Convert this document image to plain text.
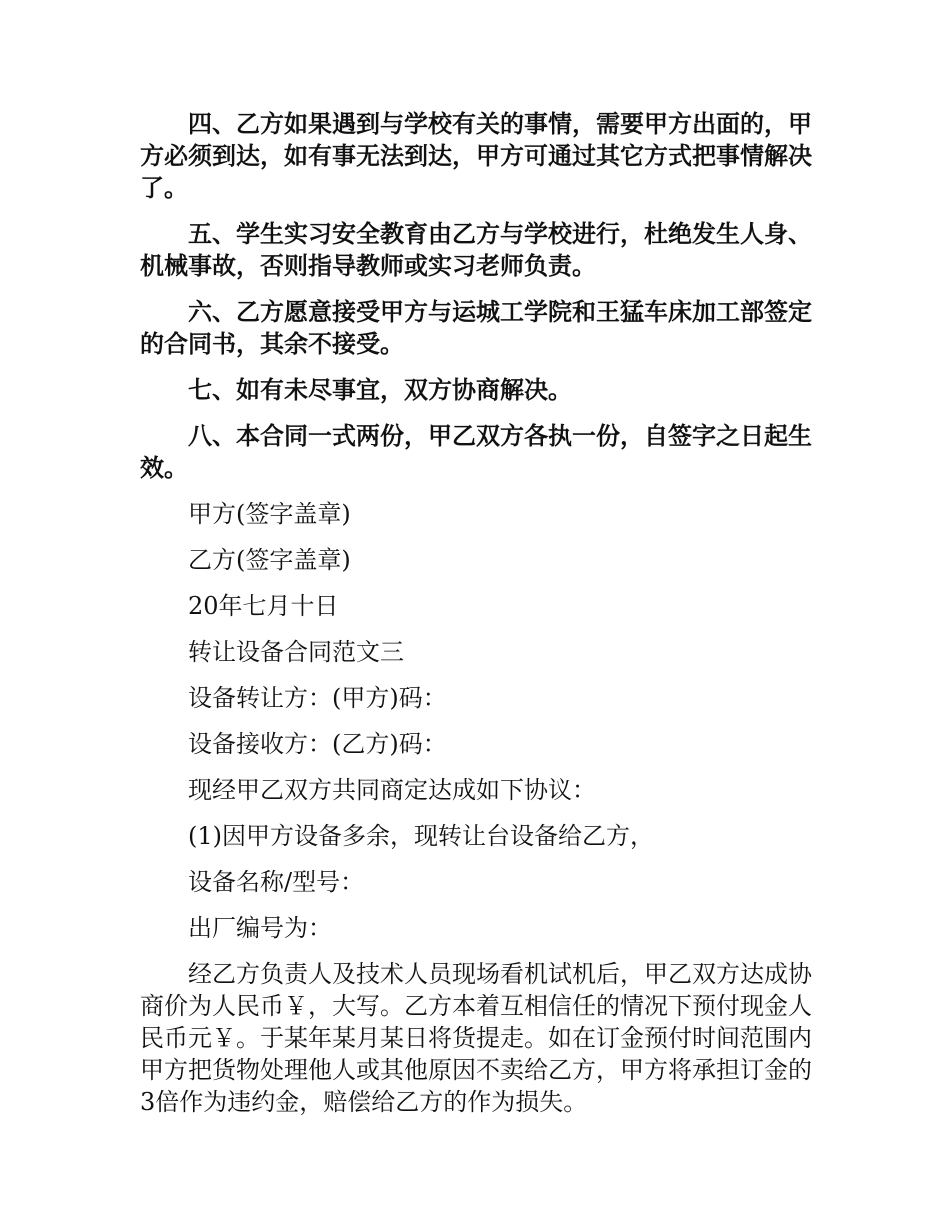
四、乙方如果遇到与学校有关的事情，需要甲方出面的，甲方必须到达，如有事无法到达，甲方可通过其它方式把事情解决了。

五、学生实习安全教育由乙方与学校进行，杜绝发生人身、机械事故，否则指导教师或实习老师负责。

六、乙方愿意接受甲方与运城工学院和王猛车床加工部签定的合同书，其余不接受。

七、如有未尽事宜，双方协商解决。

八、本合同一式两份，甲乙双方各执一份，自签字之日起生效。

甲方(签字盖章)

乙方(签字盖章)

20年七月十日

转让设备合同范文三

设备转让方：(甲方)码：

设备接收方：(乙方)码：

现经甲乙双方共同商定达成如下协议：

(1)因甲方设备多余，现转让台设备给乙方，

设备名称/型号：

出厂编号为：

经乙方负责人及技术人员现场看机试机后，甲乙双方达成协商价为人民币￥，大写。乙方本着互相信任的情况下预付现金人民币元￥。于某年某月某日将货提走。如在订金预付时间范围内甲方把货物处理他人或其他原因不卖给乙方，甲方将承担订金的3倍作为违约金，赔偿给乙方的作为损失。
